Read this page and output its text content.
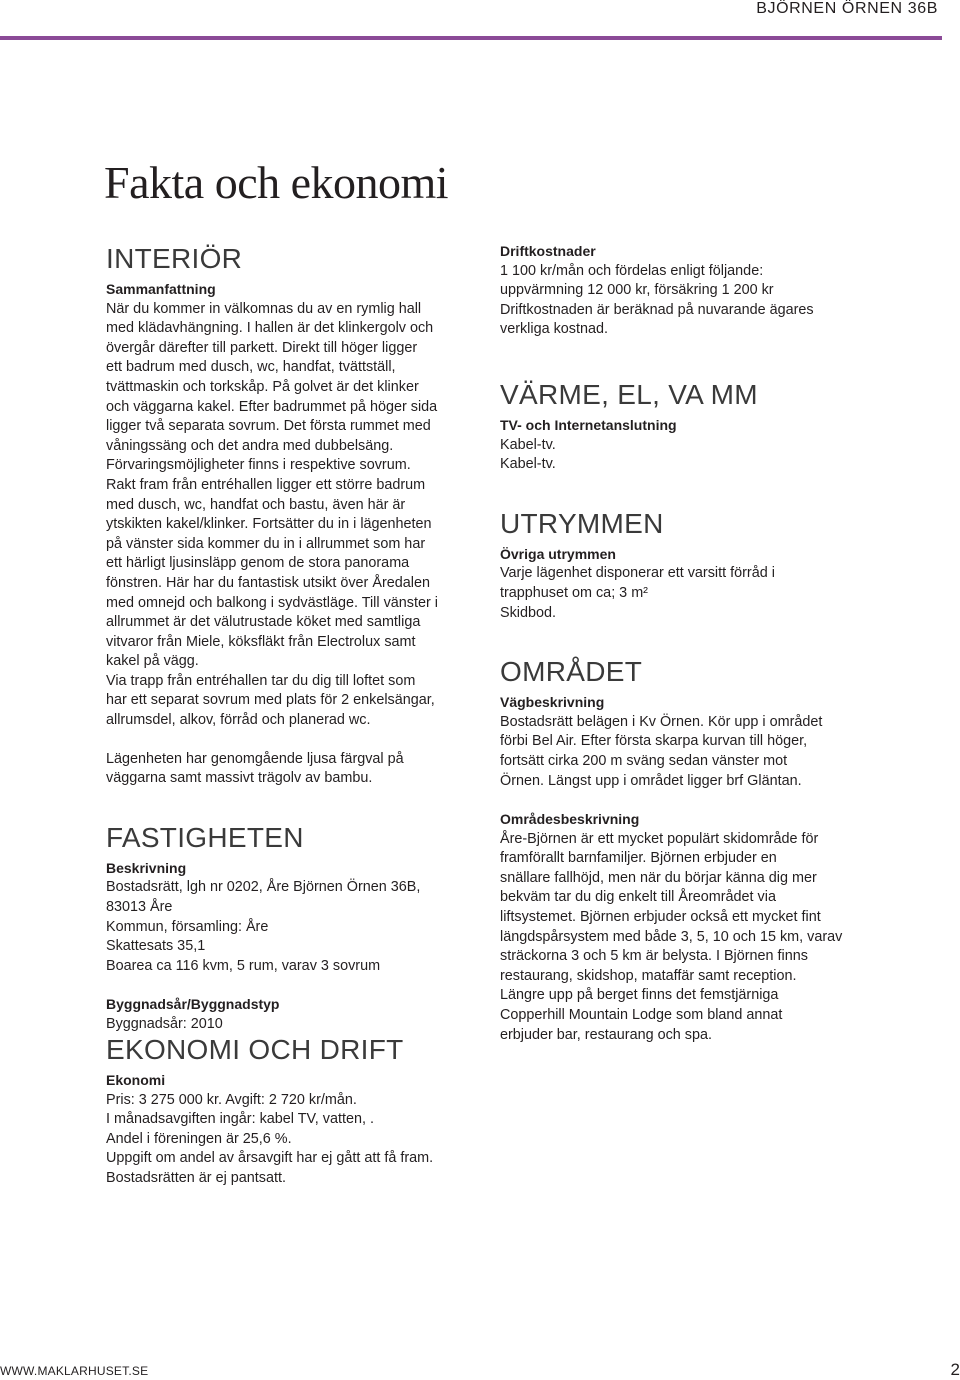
BJÖRNEN ÖRNEN 36B
Fakta och ekonomi
INTERIÖR

Sammanfattning

När du kommer in välkomnas du av en rymlig hall
med klädavhängning. I hallen är det klinkergolv och
övergår därefter till parkett. Direkt till höger ligger
ett badrum med dusch, wc, handfat, tvättställ,
tvättmaskin och torkskåp. På golvet är det klinker
och väggarna kakel. Efter badrummet på höger sida
ligger två separata sovrum. Det första rummet med
våningssäng och det andra med dubbelsäng.
Förvaringsmöjligheter finns i respektive sovrum.
Rakt fram från entréhallen ligger ett större badrum
med dusch, wc, handfat och bastu, även här är
ytskikten kakel/klinker. Fortsätter du in i lägenheten
på vänster sida kommer du in i allrummet som har
ett härligt ljusinsläpp genom de stora panorama
fönstren. Här har du fantastisk utsikt över Åredalen
med omnejd och balkong i sydvästläge. Till vänster i
allrummet är det välutrustade köket med samtliga
vitvaror från Miele, köksfläkt från Electrolux samt
kakel på vägg.
Via trapp från entréhallen tar du dig till loftet som
har ett separat sovrum med plats för 2 enkelsängar,
allrumsdel, alkov, förråd och planerad wc.

Lägenheten har genomgående ljusa färgval på
väggarna samt massivt trägolv av bambu.

FASTIGHETEN

Beskrivning

Bostadsrätt, lgh nr 0202, Åre Björnen Örnen 36B,
83013 Åre
Kommun, församling: Åre
Skattesats 35,1
Boarea ca 116 kvm, 5 rum, varav 3 sovrum

Byggnadsår/Byggnadstyp

Byggnadsår: 2010

EKONOMI OCH DRIFT

Ekonomi

Pris: 3 275 000 kr. Avgift: 2 720 kr/mån.
I månadsavgiften ingår: kabel TV, vatten, .
Andel i föreningen är 25,6 %.
Uppgift om andel av årsavgift har ej gått att få fram.
Bostadsrätten är ej pantsatt.

Driftkostnader

1 100 kr/mån och fördelas enligt följande:
uppvärmning 12 000 kr, försäkring 1 200 kr
Driftkostnaden är beräknad på nuvarande ägares
verkliga kostnad.

VÄRME, EL, VA MM

TV- och Internetanslutning

Kabel-tv.
Kabel-tv.

UTRYMMEN

Övriga utrymmen

Varje lägenhet disponerar ett varsitt förråd i
trapphuset om ca; 3 m²
Skidbod.

OMRÅDET

Vägbeskrivning

Bostadsrätt belägen i Kv Örnen. Kör upp i området
förbi Bel Air. Efter första skarpa kurvan till höger,
fortsätt cirka 200 m sväng sedan vänster mot
Örnen. Längst upp i området ligger brf Gläntan.

Områdesbeskrivning

Åre-Björnen är ett mycket populärt skidområde för
framförallt barnfamiljer. Björnen erbjuder en
snällare fallhöjd, men när du börjar känna dig mer
bekväm tar du dig enkelt till Åreområdet via
liftsystemet. Björnen erbjuder också ett mycket fint
längdspårsystem med både 3, 5, 10 och 15 km, varav
sträckorna 3 och 5 km är belysta. I Björnen finns
restaurang, skidshop, mataffär samt reception.
Längre upp på berget finns det femstjärniga
Copperhill Mountain Lodge som bland annat
erbjuder bar, restaurang och spa.

WWW.MAKLARHUSET.SE	2
